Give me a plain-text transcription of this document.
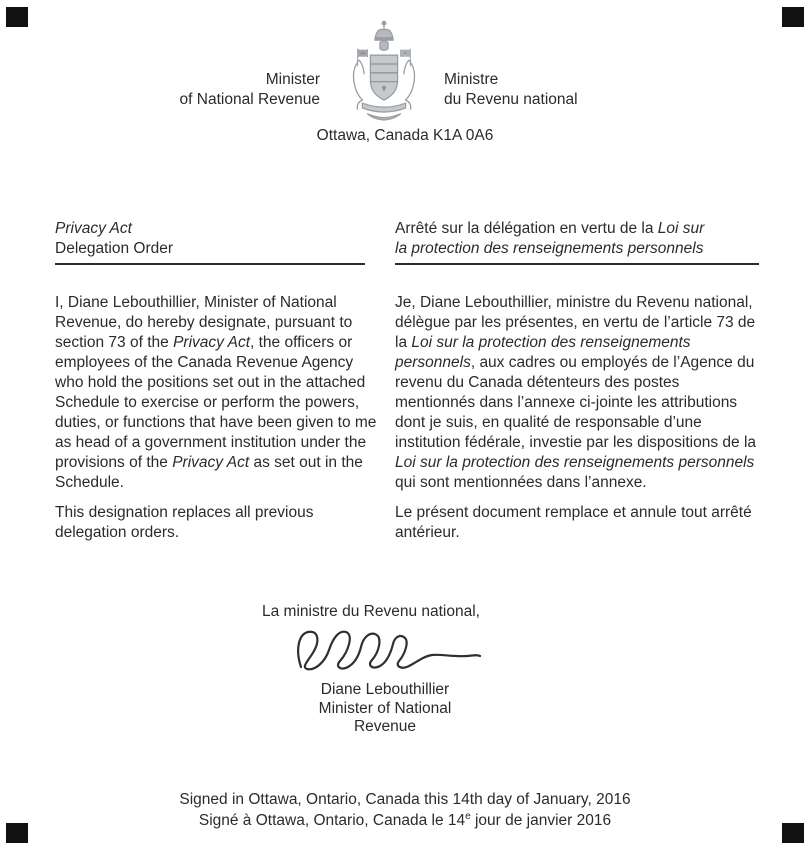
Minister
of National Revenue
Ministre
du Revenu national
Ottawa, Canada K1A 0A6
Privacy Act
Delegation Order
Arrêté sur la délégation en vertu de la Loi sur
la protection des renseignements personnels

I, Diane Lebouthillier, Minister of National Revenue, do hereby designate, pursuant to section 73 of the Privacy Act, the officers or employees of the Canada Revenue Agency who hold the positions set out in the attached Schedule to exercise or perform the powers, duties, or functions that have been given to me as head of a government institution under the provisions of the Privacy Act as set out in the Schedule.

This designation replaces all previous delegation orders.

Je, Diane Lebouthillier, ministre du Revenu national, délègue par les présentes, en vertu de l’article 73 de la Loi sur la protection des renseignements personnels, aux cadres ou employés de l’Agence du revenu du Canada détenteurs des postes mentionnés dans l’annexe ci-jointe les attributions dont je suis, en qualité de responsable d’une institution fédérale, investie par les dispositions de la Loi sur la protection des renseignements personnels qui sont mentionnées dans l’annexe.

Le présent document remplace et annule tout arrêté antérieur.

La ministre du Revenu national,
Diane Lebouthillier
Minister of National
Revenue
Signed in Ottawa, Ontario, Canada this 14th day of January, 2016
Signé à Ottawa, Ontario, Canada le 14e jour de janvier 2016
